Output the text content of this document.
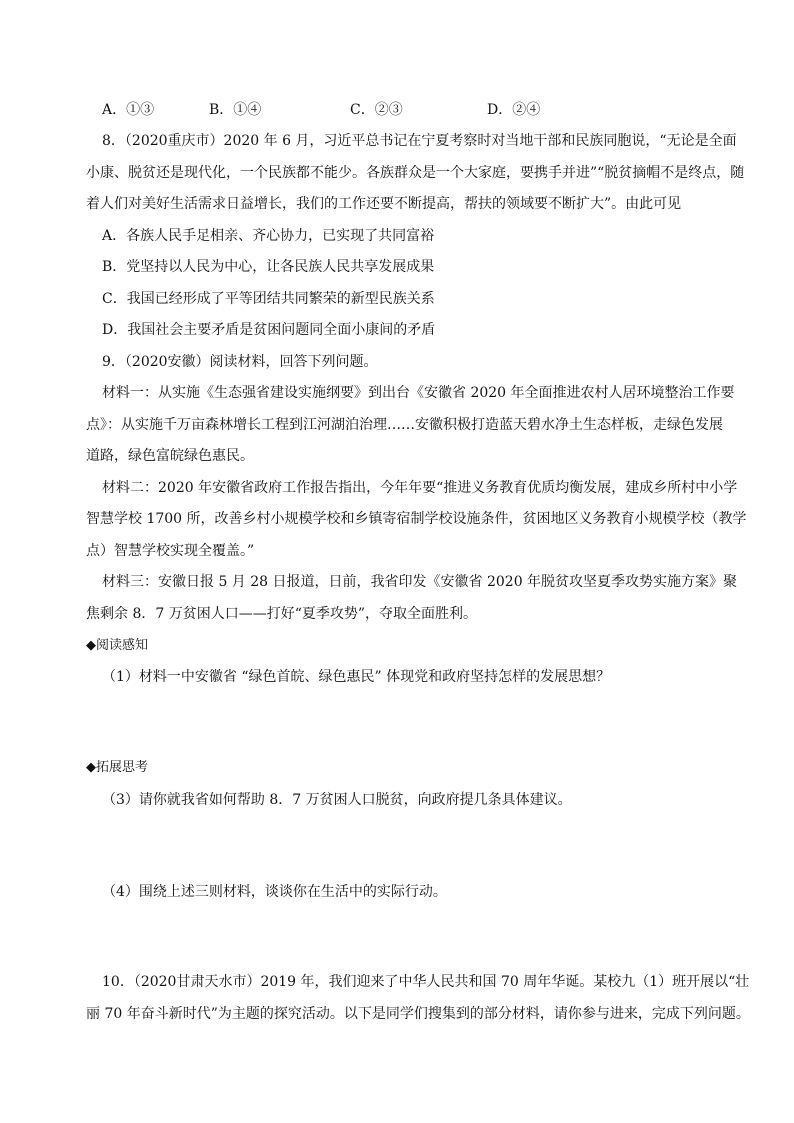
A．①③	B．①④	C．②③	D．②④
8．（2020重庆市）2020 年 6 月，习近平总书记在宁夏考察时对当地干部和民族同胞说，“无论是全面
小康、脱贫还是现代化，一个民族都不能少。各族群众是一个大家庭，要携手并进”“脱贫摘帽不是终点，随
着人们对美好生活需求日益增长，我们的工作还要不断提高，帮扶的领域要不断扩大”。由此可见
A．各族人民手足相亲、齐心协力，已实现了共同富裕
B．党坚持以人民为中心，让各民族人民共享发展成果
C．我国已经形成了平等团结共同繁荣的新型民族关系
D．我国社会主要矛盾是贫困问题同全面小康间的矛盾
9．（2020安徽）阅读材料，回答下列问题。
材料一：从实施《生态强省建设实施纲要》到出台《安徽省 2020 年全面推进农村人居环境整治工作要
点》：从实施千万亩森林增长工程到江河湖泊治理……安徽积极打造蓝天碧水净土生态样板，走绿色发展
道路，绿色富皖绿色惠民。
材料二：2020 年安徽省政府工作报告指出，今年年要“推进义务教育优质均衡发展，建成乡所村中小学
智慧学校 1700 所，改善乡村小规模学校和乡镇寄宿制学校设施条件，贫困地区义务教育小规模学校（教学
点）智慧学校实现全覆盖。”
材料三：安徽日报 5 月 28 日报道，日前，我省印发《安徽省 2020 年脱贫攻坚夏季攻势实施方案》聚
焦剩余 8．7 万贫困人口——打好“夏季攻势”，夺取全面胜利。
◆阅读感知
（1）材料一中安徽省 “绿色首皖、绿色惠民” 体现党和政府坚持怎样的发展思想？
◆拓展思考
（3）请你就我省如何帮助 8．7 万贫困人口脱贫，向政府提几条具体建议。
（4）围绕上述三则材料，谈谈你在生活中的实际行动。
10．（2020甘肃天水市）2019 年，我们迎来了中华人民共和国 70 周年华诞。某校九（1）班开展以“壮
丽 70 年奋斗新时代”为主题的探究活动。以下是同学们搜集到的部分材料，请你参与进来，完成下列问题。
